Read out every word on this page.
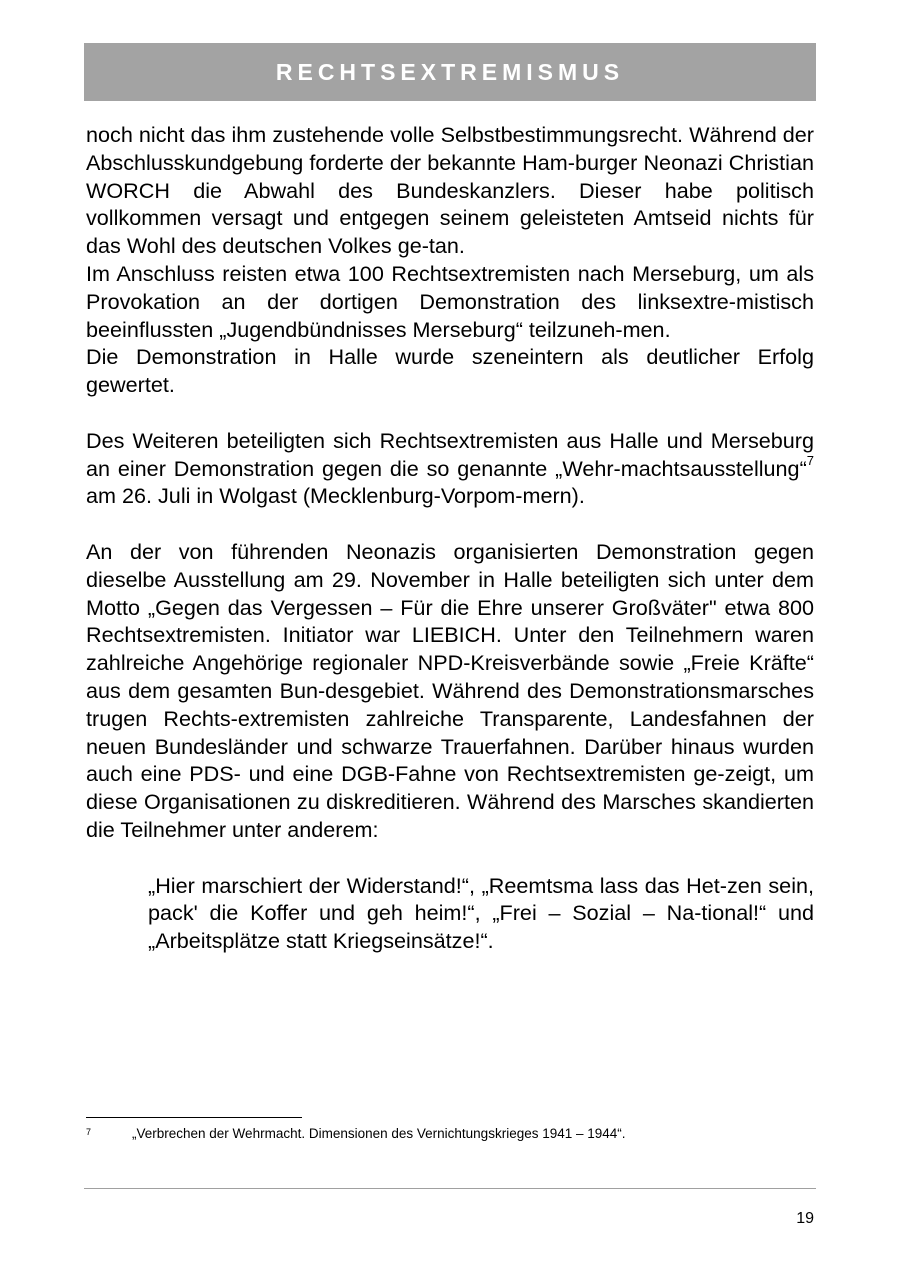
RECHTSEXTREMISMUS

noch nicht das ihm zustehende volle Selbstbestimmungsrecht. Während der Abschlusskundgebung forderte der bekannte Ham-burger Neonazi Christian WORCH die Abwahl des Bundeskanzlers. Dieser habe politisch vollkommen versagt und entgegen seinem geleisteten Amtseid nichts für das Wohl des deutschen Volkes ge-tan.

Im Anschluss reisten etwa 100 Rechtsextremisten nach Merseburg, um als Provokation an der dortigen Demonstration des linksextre-mistisch beeinflussten „Jugendbündnisses Merseburg“ teilzuneh-men.

Die Demonstration in Halle wurde szeneintern als deutlicher Erfolg gewertet.

Des Weiteren beteiligten sich Rechtsextremisten aus Halle und Merseburg an einer Demonstration gegen die so genannte „Wehr-machtsausstellung“$^7$ am 26. Juli in Wolgast (Mecklenburg-Vorpom-mern).

An der von führenden Neonazis organisierten Demonstration gegen dieselbe Ausstellung am 29. November in Halle beteiligten sich unter dem Motto „Gegen das Vergessen – Für die Ehre unserer Großväter" etwa 800 Rechtsextremisten. Initiator war LIEBICH. Unter den Teilnehmern waren zahlreiche Angehörige regionaler NPD-Kreisverbände sowie „Freie Kräfte“ aus dem gesamten Bun-desgebiet. Während des Demonstrationsmarsches trugen Rechts-extremisten zahlreiche Transparente, Landesfahnen der neuen Bundesländer und schwarze Trauerfahnen. Darüber hinaus wurden auch eine PDS- und eine DGB-Fahne von Rechtsextremisten ge-zeigt, um diese Organisationen zu diskreditieren. Während des Marsches skandierten die Teilnehmer unter anderem:

„Hier marschiert der Widerstand!“, „Reemtsma lass das Het-zen sein, pack' die Koffer und geh heim!“, „Frei – Sozial – Na-tional!“ und „Arbeitsplätze statt Kriegseinsätze!“.

7	„Verbrechen der Wehrmacht. Dimensionen des Vernichtungskrieges 1941 – 1944“.
19
